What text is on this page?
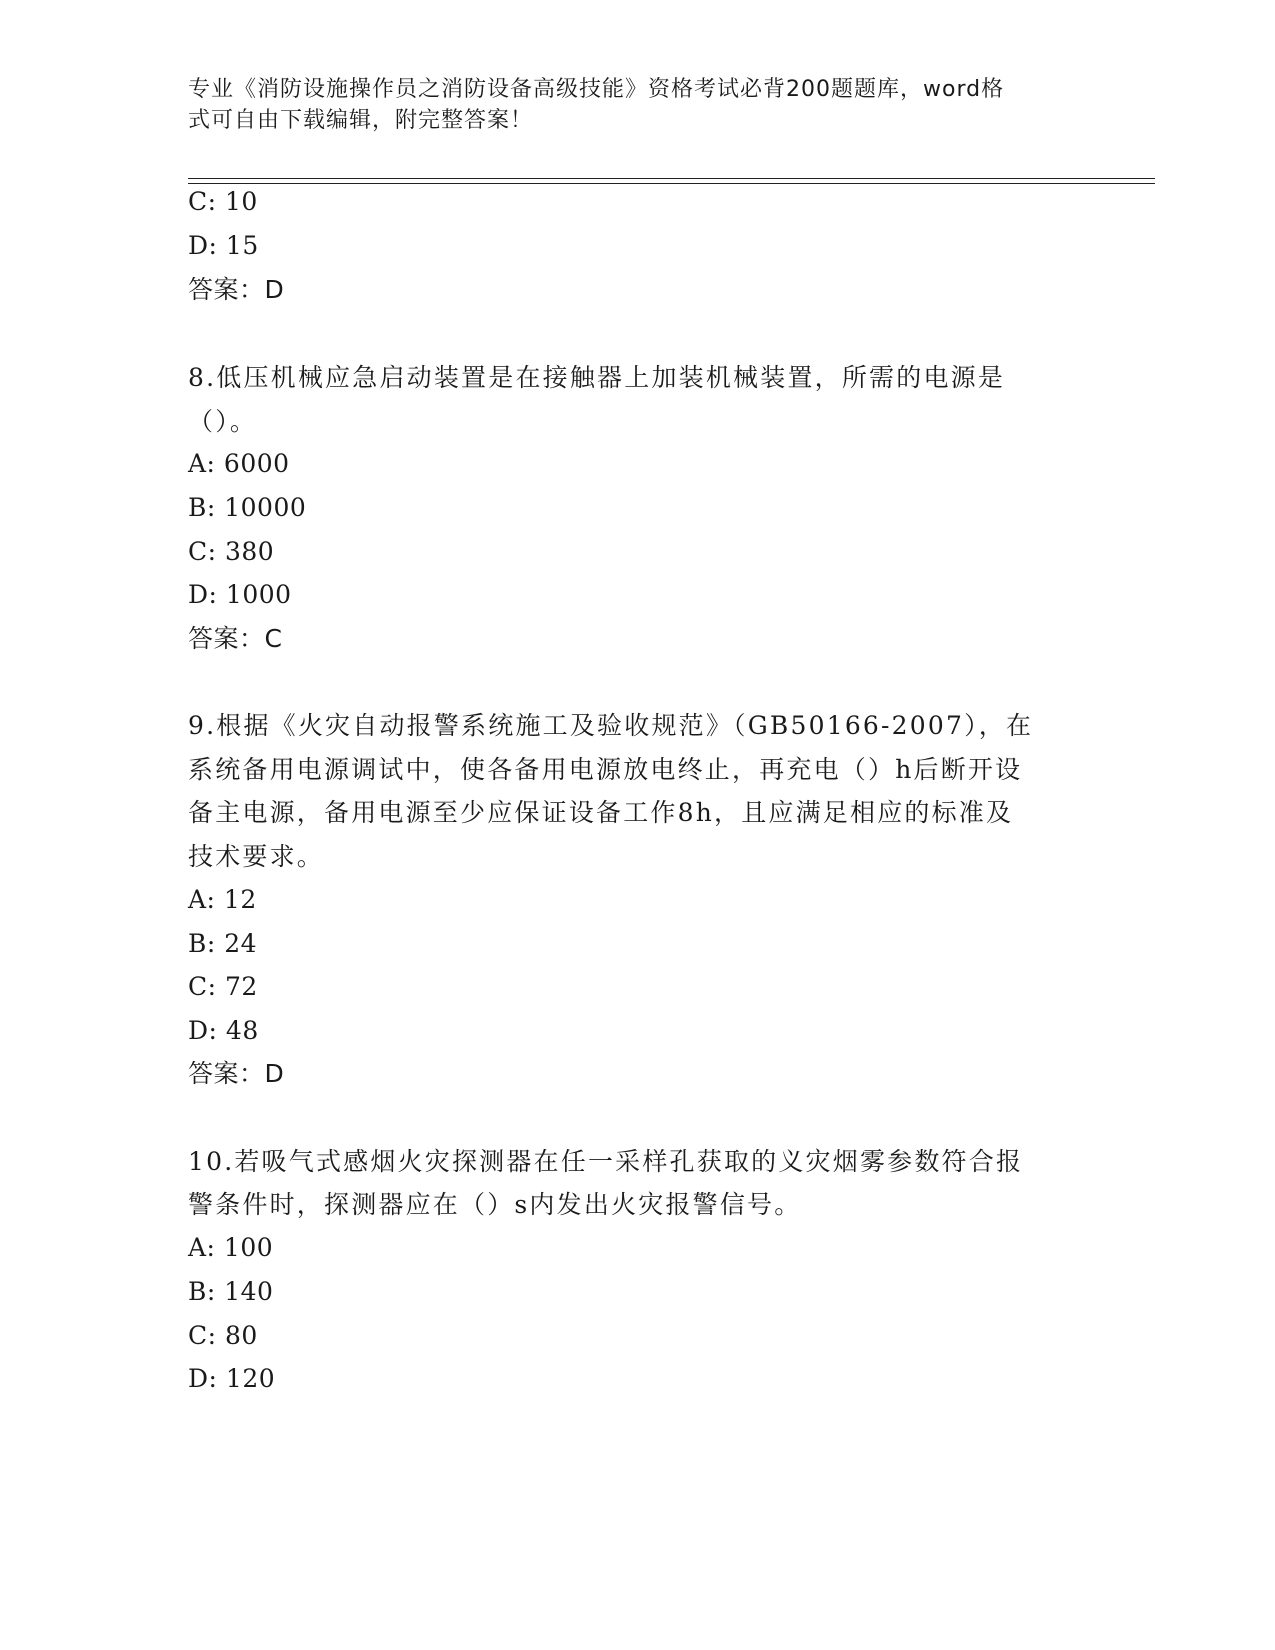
专业《消防设施操作员之消防设备高级技能》资格考试必背200题题库，word格
式可自由下载编辑，附完整答案！
C: 10
D: 15
答案：D
8.低压机械应急启动装置是在接触器上加装机械装置，所需的电源是
（）。
A: 6000
B: 10000
C: 380
D: 1000
答案：C
9.根据《火灾自动报警系统施工及验收规范》（GB50166-2007），在
系统备用电源调试中，使各备用电源放电终止，再充电（）h后断开设
备主电源，备用电源至少应保证设备工作8h，且应满足相应的标准及
技术要求。
A: 12
B: 24
C: 72
D: 48
答案：D
10.若吸气式感烟火灾探测器在任一采样孔获取的义灾烟雾参数符合报
警条件时，探测器应在（）s内发出火灾报警信号。
A: 100
B: 140
C: 80
D: 120
